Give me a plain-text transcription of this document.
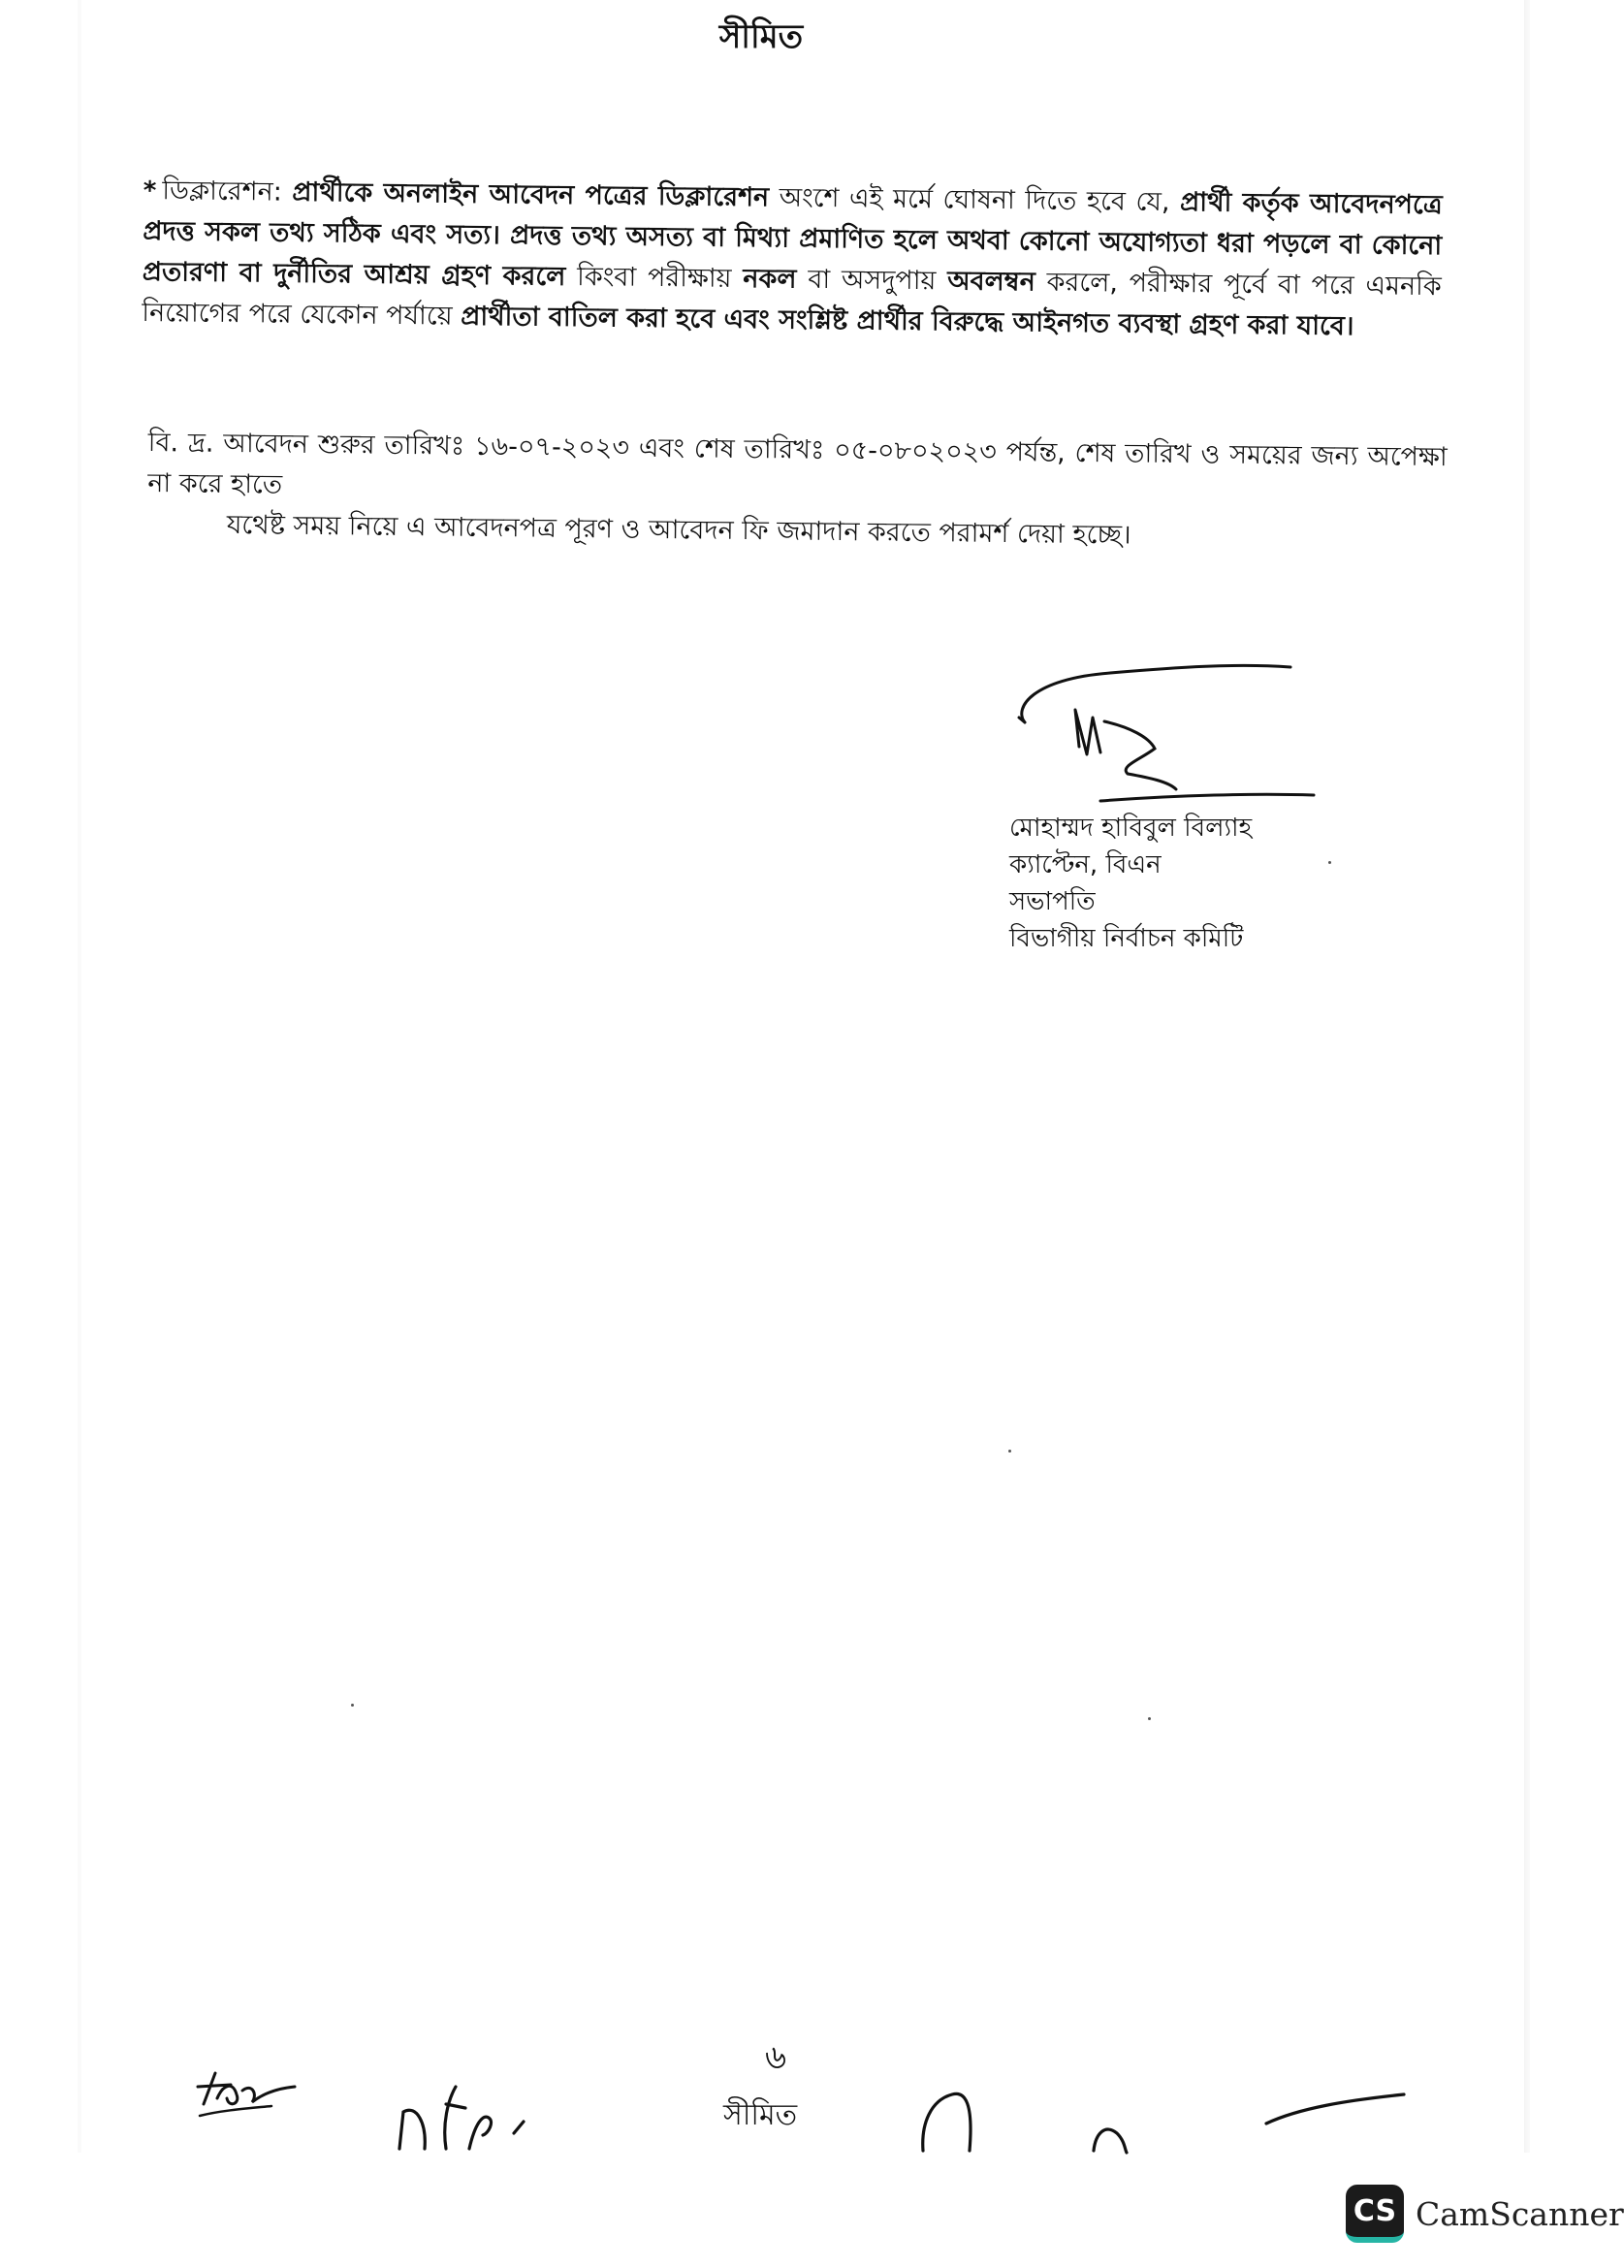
সীমিত
* ডিক্লারেশন: প্রার্থীকে অনলাইন আবেদন পত্রের ডিক্লারেশন অংশে এই মর্মে ঘোষনা দিতে হবে যে, প্রার্থী কর্তৃক আবেদনপত্রে প্রদত্ত সকল তথ্য সঠিক এবং সত্য। প্রদত্ত তথ্য অসত্য বা মিথ্যা প্রমাণিত হলে অথবা কোনো অযোগ্যতা ধরা পড়লে বা কোনো প্রতারণা বা দুর্নীতির আশ্রয় গ্রহণ করলে কিংবা পরীক্ষায় নকল বা অসদুপায় অবলম্বন করলে, পরীক্ষার পূর্বে বা পরে এমনকি নিয়োগের পরে যেকোন পর্যায়ে প্রার্থীতা বাতিল করা হবে এবং সংশ্লিষ্ট প্রার্থীর বিরুদ্ধে আইনগত ব্যবস্থা গ্রহণ করা যাবে।
বি. দ্র. আবেদন শুরুর তারিখঃ ১৬-০৭-২০২৩ এবং শেষ তারিখঃ ০৫-০৮০২০২৩ পর্যন্ত, শেষ তারিখ ও সময়ের জন্য অপেক্ষা না করে হাতে
যথেষ্ট সময় নিয়ে এ আবেদনপত্র পূরণ ও আবেদন ফি জমাদান করতে পরামর্শ দেয়া হচ্ছে।
মোহাম্মদ হাবিবুল বিল্যাহ
ক্যাপ্টেন, বিএন
সভাপতি
বিভাগীয় নির্বাচন কমিটি
৬
সীমিত
CS CamScanner
